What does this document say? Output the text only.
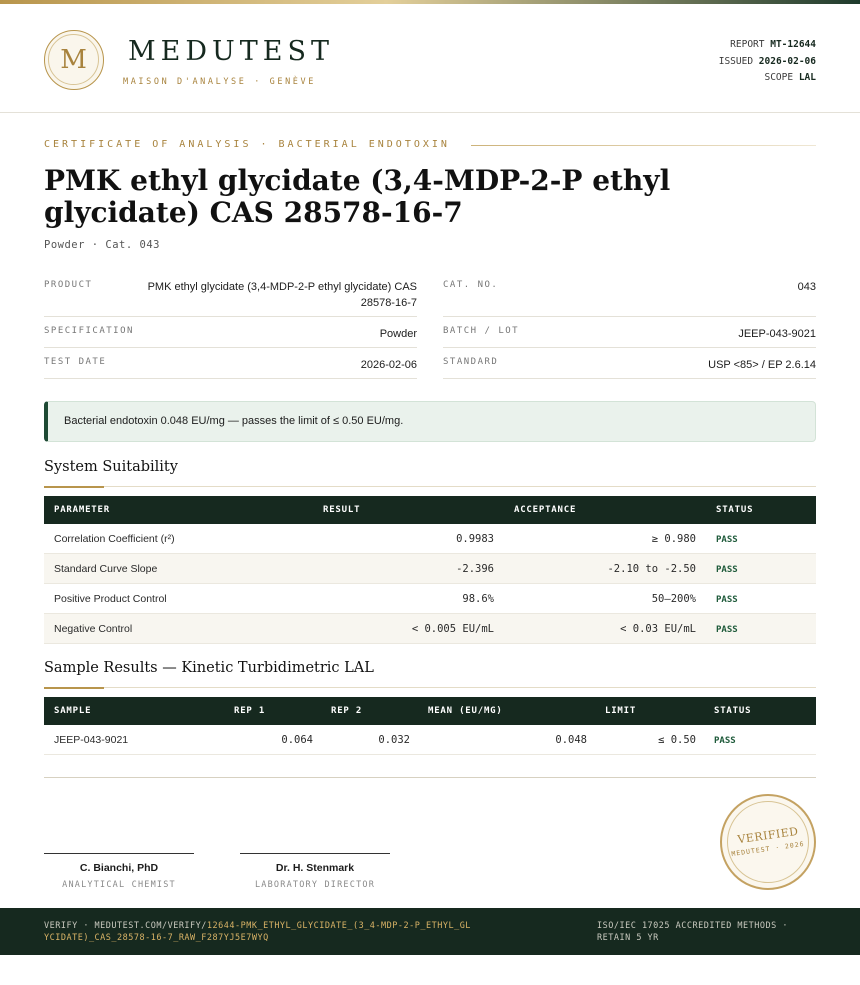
M	MEDUTEST
MAISON D'ANALYSE · GENÈVE
REPORT MT-12644
ISSUED 2026-02-06
SCOPE LAL
CERTIFICATE OF ANALYSIS · BACTERIAL ENDOTOXIN
PMK ethyl glycidate (3,4-MDP-2-P ethyl glycidate) CAS 28578-16-7
Powder · Cat. 043
PRODUCT	PMK ethyl glycidate (3,4-MDP-2-P ethyl glycidate) CAS 28578-16-7
CAT. NO.	043
SPECIFICATION	Powder	BATCH / LOT	JEEP-043-9021
TEST DATE	2026-02-06	STANDARD	USP <85> / EP 2.6.14
Bacterial endotoxin 0.048 EU/mg — passes the limit of ≤ 0.50 EU/mg.
System Suitability
PARAMETER	RESULT	ACCEPTANCE	STATUS
Correlation Coefficient (r²)	0.9983	≥ 0.980 PASS
Standard Curve Slope	-2.396	-2.10 to -2.50 PASS
Positive Product Control	98.6%	50–200% PASS
Negative Control	< 0.005 EU/mL	< 0.03 EU/mL PASS
Sample Results — Kinetic Turbidimetric LAL
SAMPLE	REP 1	REP 2	MEAN (EU/MG)	LIMIT	STATUS
JEEP-043-9021	0.064	0.032	0.048	≤ 0.50 PASS
C. Bianchi, PhD
ANALYTICAL CHEMIST
Dr. H. Stenmark
LABORATORY DIRECTOR
VERIFIED
MEDUTEST · 2026
VERIFY · MEDUTEST.COM/VERIFY/12644-PMK_ETHYL_GLYCIDATE_(3_4-MDP-2-P_ETHYL_GLYCIDATE)_CAS_28578-16-7_RAW_F287YJ5E7WYQ
ISO/IEC 17025 ACCREDITED METHODS · RETAIN 5 YR
